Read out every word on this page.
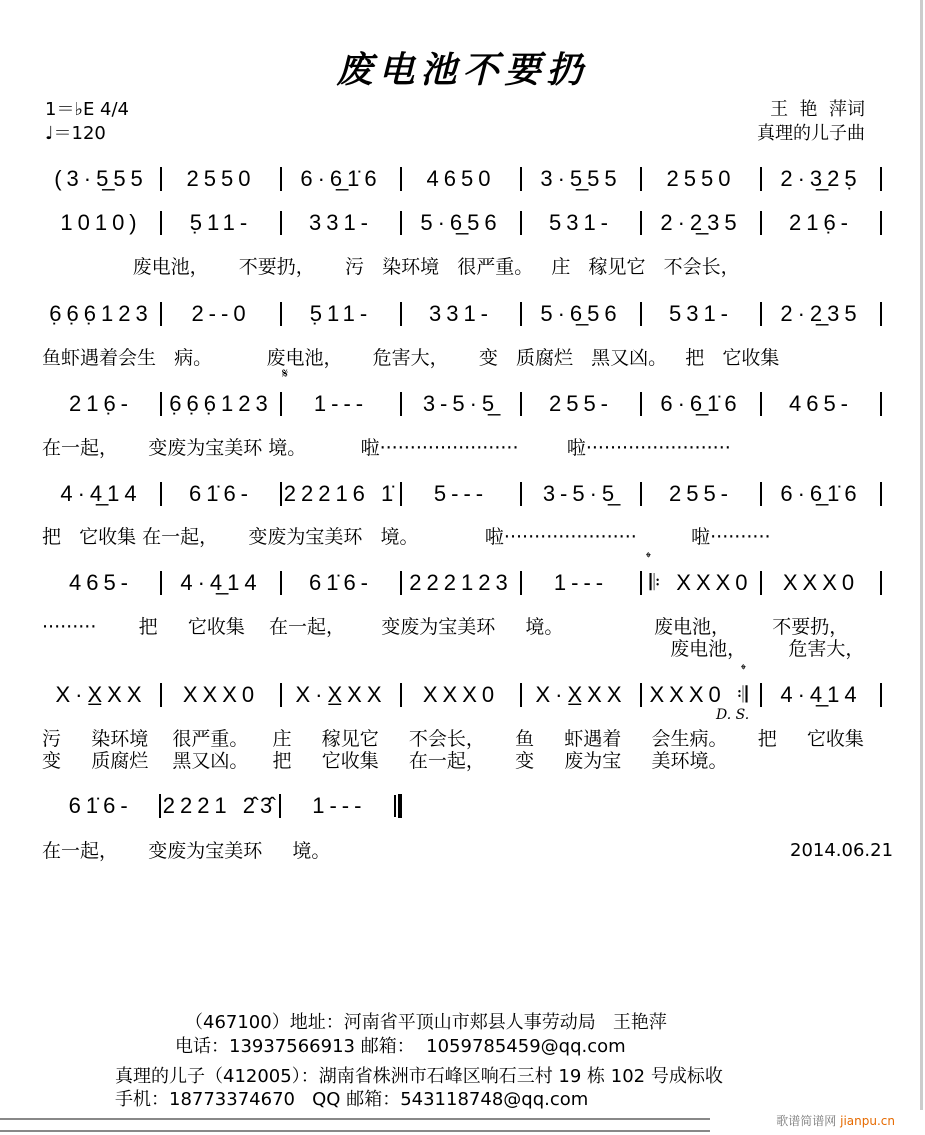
废电池不要扔
1＝♭E 4/4
♩＝120
王  艳  萍词
真理的儿子曲
(3·5̲55	2550	6·6̲1̇6	4650	3·5̲55	2550	2·3̲25̣
1010)	5̣11-	331-	5·6̲56	531-	2·2̲35	216̣-
6̣6̣6̣123	2--0	5̣11-	331-	5·6̲56	531-	2·2̲35
216̣-	6̣6̣6̣123	1---	3-5·5̲	255-	6·6̲1̇6	465-
4·4̲14	61̇6-	22216 1̇	5---	3-5·5̲	255-	6·6̲1̇6
465-	4·4̲14	61̇6-	222123	1---	𝄆 XXX0	XXX0
X·X̲XX	XXX0	X·X̲XX	XXX0	X·X̲XX	XXX0 𝄇	4·4̲14
61̇6-	2221 2̂3̂	1---
废电池，     不要扔，     污   染环境   很严重。   庄   稼见它   不会长，
鱼虾遇着会生   病。         废电池，     危害大，     变   质腐烂   黑又凶。   把   它收集
在一起，     变废为宝美环 境。         啦·······················        啦························
把   它收集 在一起，     变废为宝美环   境。           啦······················         啦··········
·········       把     它收集    在一起，      变废为宝美环     境。               废电池，       不要扔，
废电池，       危害大，
污     染环境    很严重。    庄     稼见它     不会长，     鱼     虾遇着     会生病。     把     它收集
变     质腐烂    黑又凶。    把     它收集     在一起，     变     废为宝     美环境。
在一起，     变废为宝美环     境。
𝄋
𝄌
𝄌
D. S.
2014.06.21
（467100）地址：河南省平顶山市郏县人事劳动局   王艳萍
电话：13937566913 邮箱：  1059785459@qq.com
真理的儿子（412005）：湖南省株洲市石峰区响石三村 19 栋 102 号成标收
手机：18773374670   QQ 邮箱：543118748@qq.com
歌谱简谱网 jianpu.cn
